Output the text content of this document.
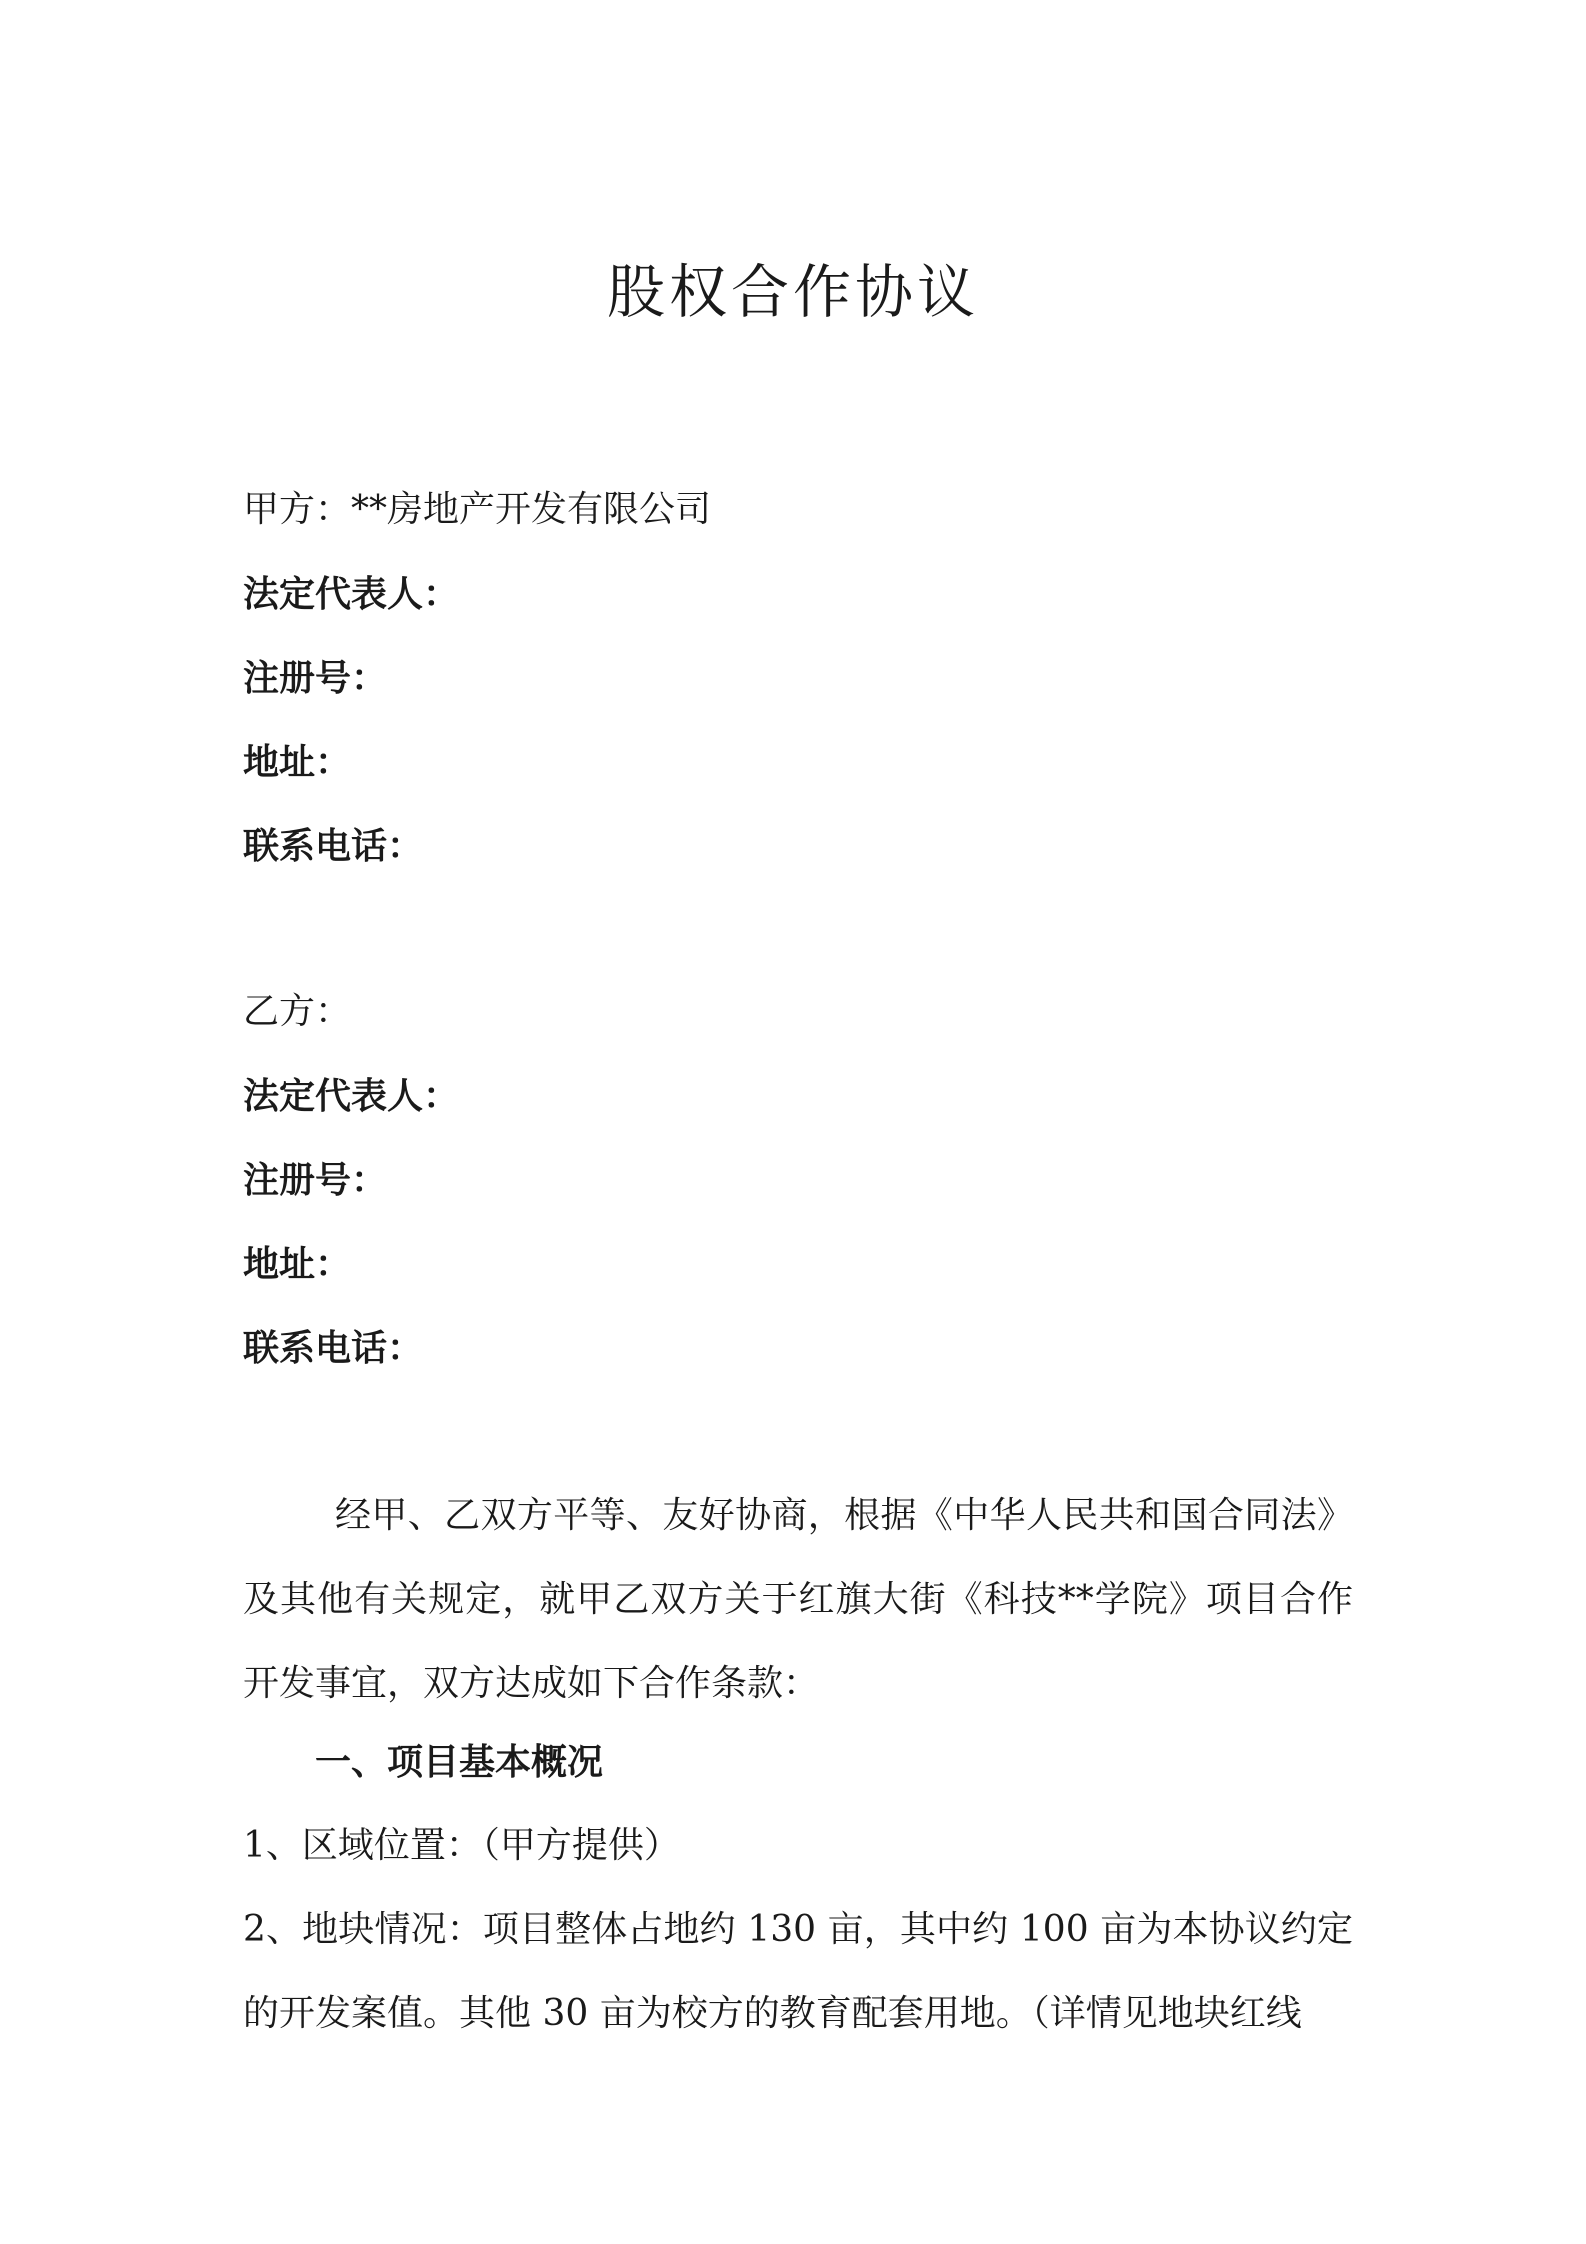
股权合作协议
甲方：**房地产开发有限公司
法定代表人：
注册号：
地址：
联系电话：
乙方：
法定代表人：
注册号：
地址：
联系电话：

经甲、乙双方平等、友好协商，根据《中华人民共和国合同法》及其他有关规定，就甲乙双方关于红旗大街《科技**学院》项目合作开发事宜，双方达成如下合作条款：

一、项目基本概况

1、区域位置：（甲方提供）

2、地块情况：项目整体占地约 130 亩，其中约 100 亩为本协议约定的开发案值。其他 30 亩为校方的教育配套用地。（详情见地块红线
